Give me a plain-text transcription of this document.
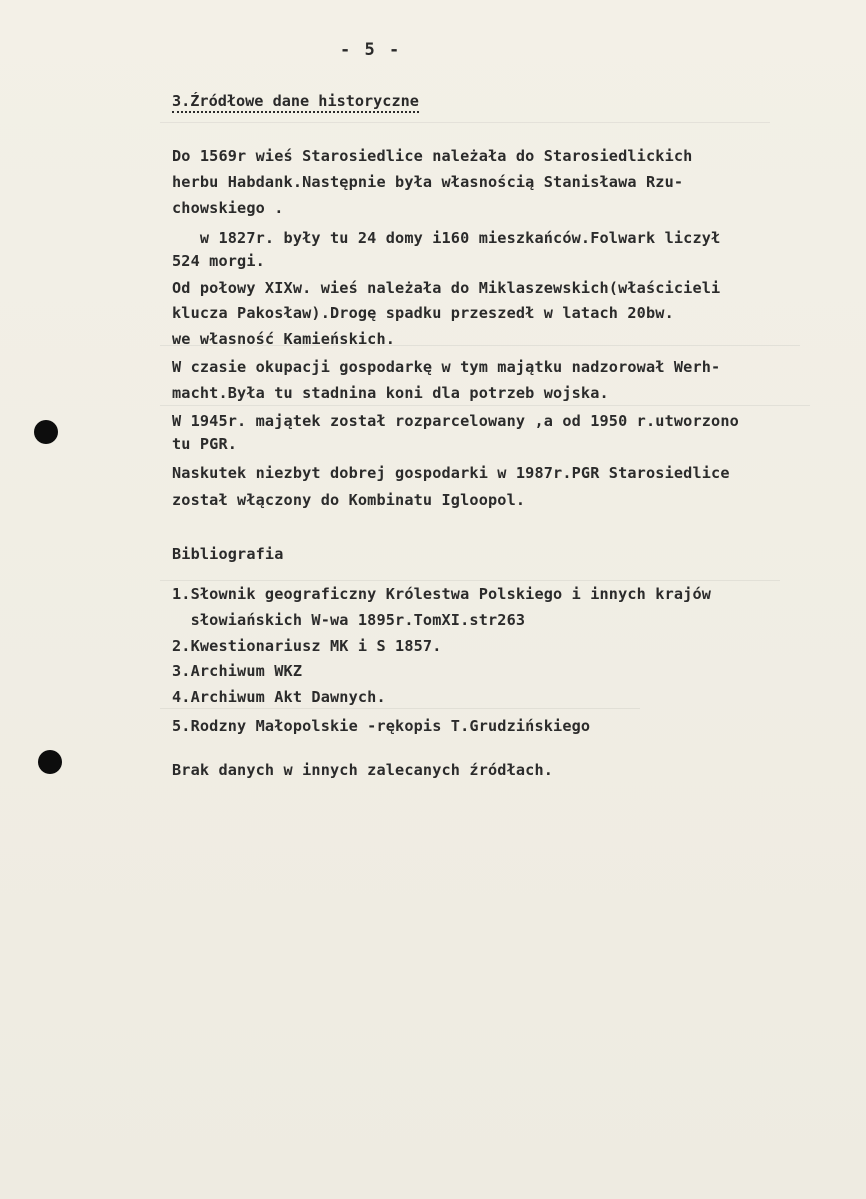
- 5 -
3.Źródłowe dane historyczne
Do 1569r wieś Starosiedlice należała do Starosiedlickich
herbu Habdank.Następnie była własnością Stanisława Rzu-
chowskiego .
w 1827r. były tu 24 domy i160 mieszkańców.Folwark liczył
524 morgi.
Od połowy XIXw. wieś należała do Miklaszewskich(właścicieli
klucza Pakosław).Drogę spadku przeszedł w latach 20bw.
we własność Kamieńskich.
W czasie okupacji gospodarkę w tym majątku nadzorował Werh-
macht.Była tu stadnina koni dla potrzeb wojska.
W 1945r. majątek został rozparcelowany ,a od 1950 r.utworzono
tu PGR.
Naskutek niezbyt dobrej gospodarki w 1987r.PGR Starosiedlice
został włączony do Kombinatu Igloopol.
Bibliografia
1.Słownik geograficzny Królestwa Polskiego i innych krajów
słowiańskich W-wa 1895r.TomXI.str263
2.Kwestionariusz MK i S 1857.
3.Archiwum WKZ
4.Archiwum Akt Dawnych.
5.Rodzny Małopolskie -rękopis T.Grudzińskiego
Brak danych w innych zalecanych źródłach.
